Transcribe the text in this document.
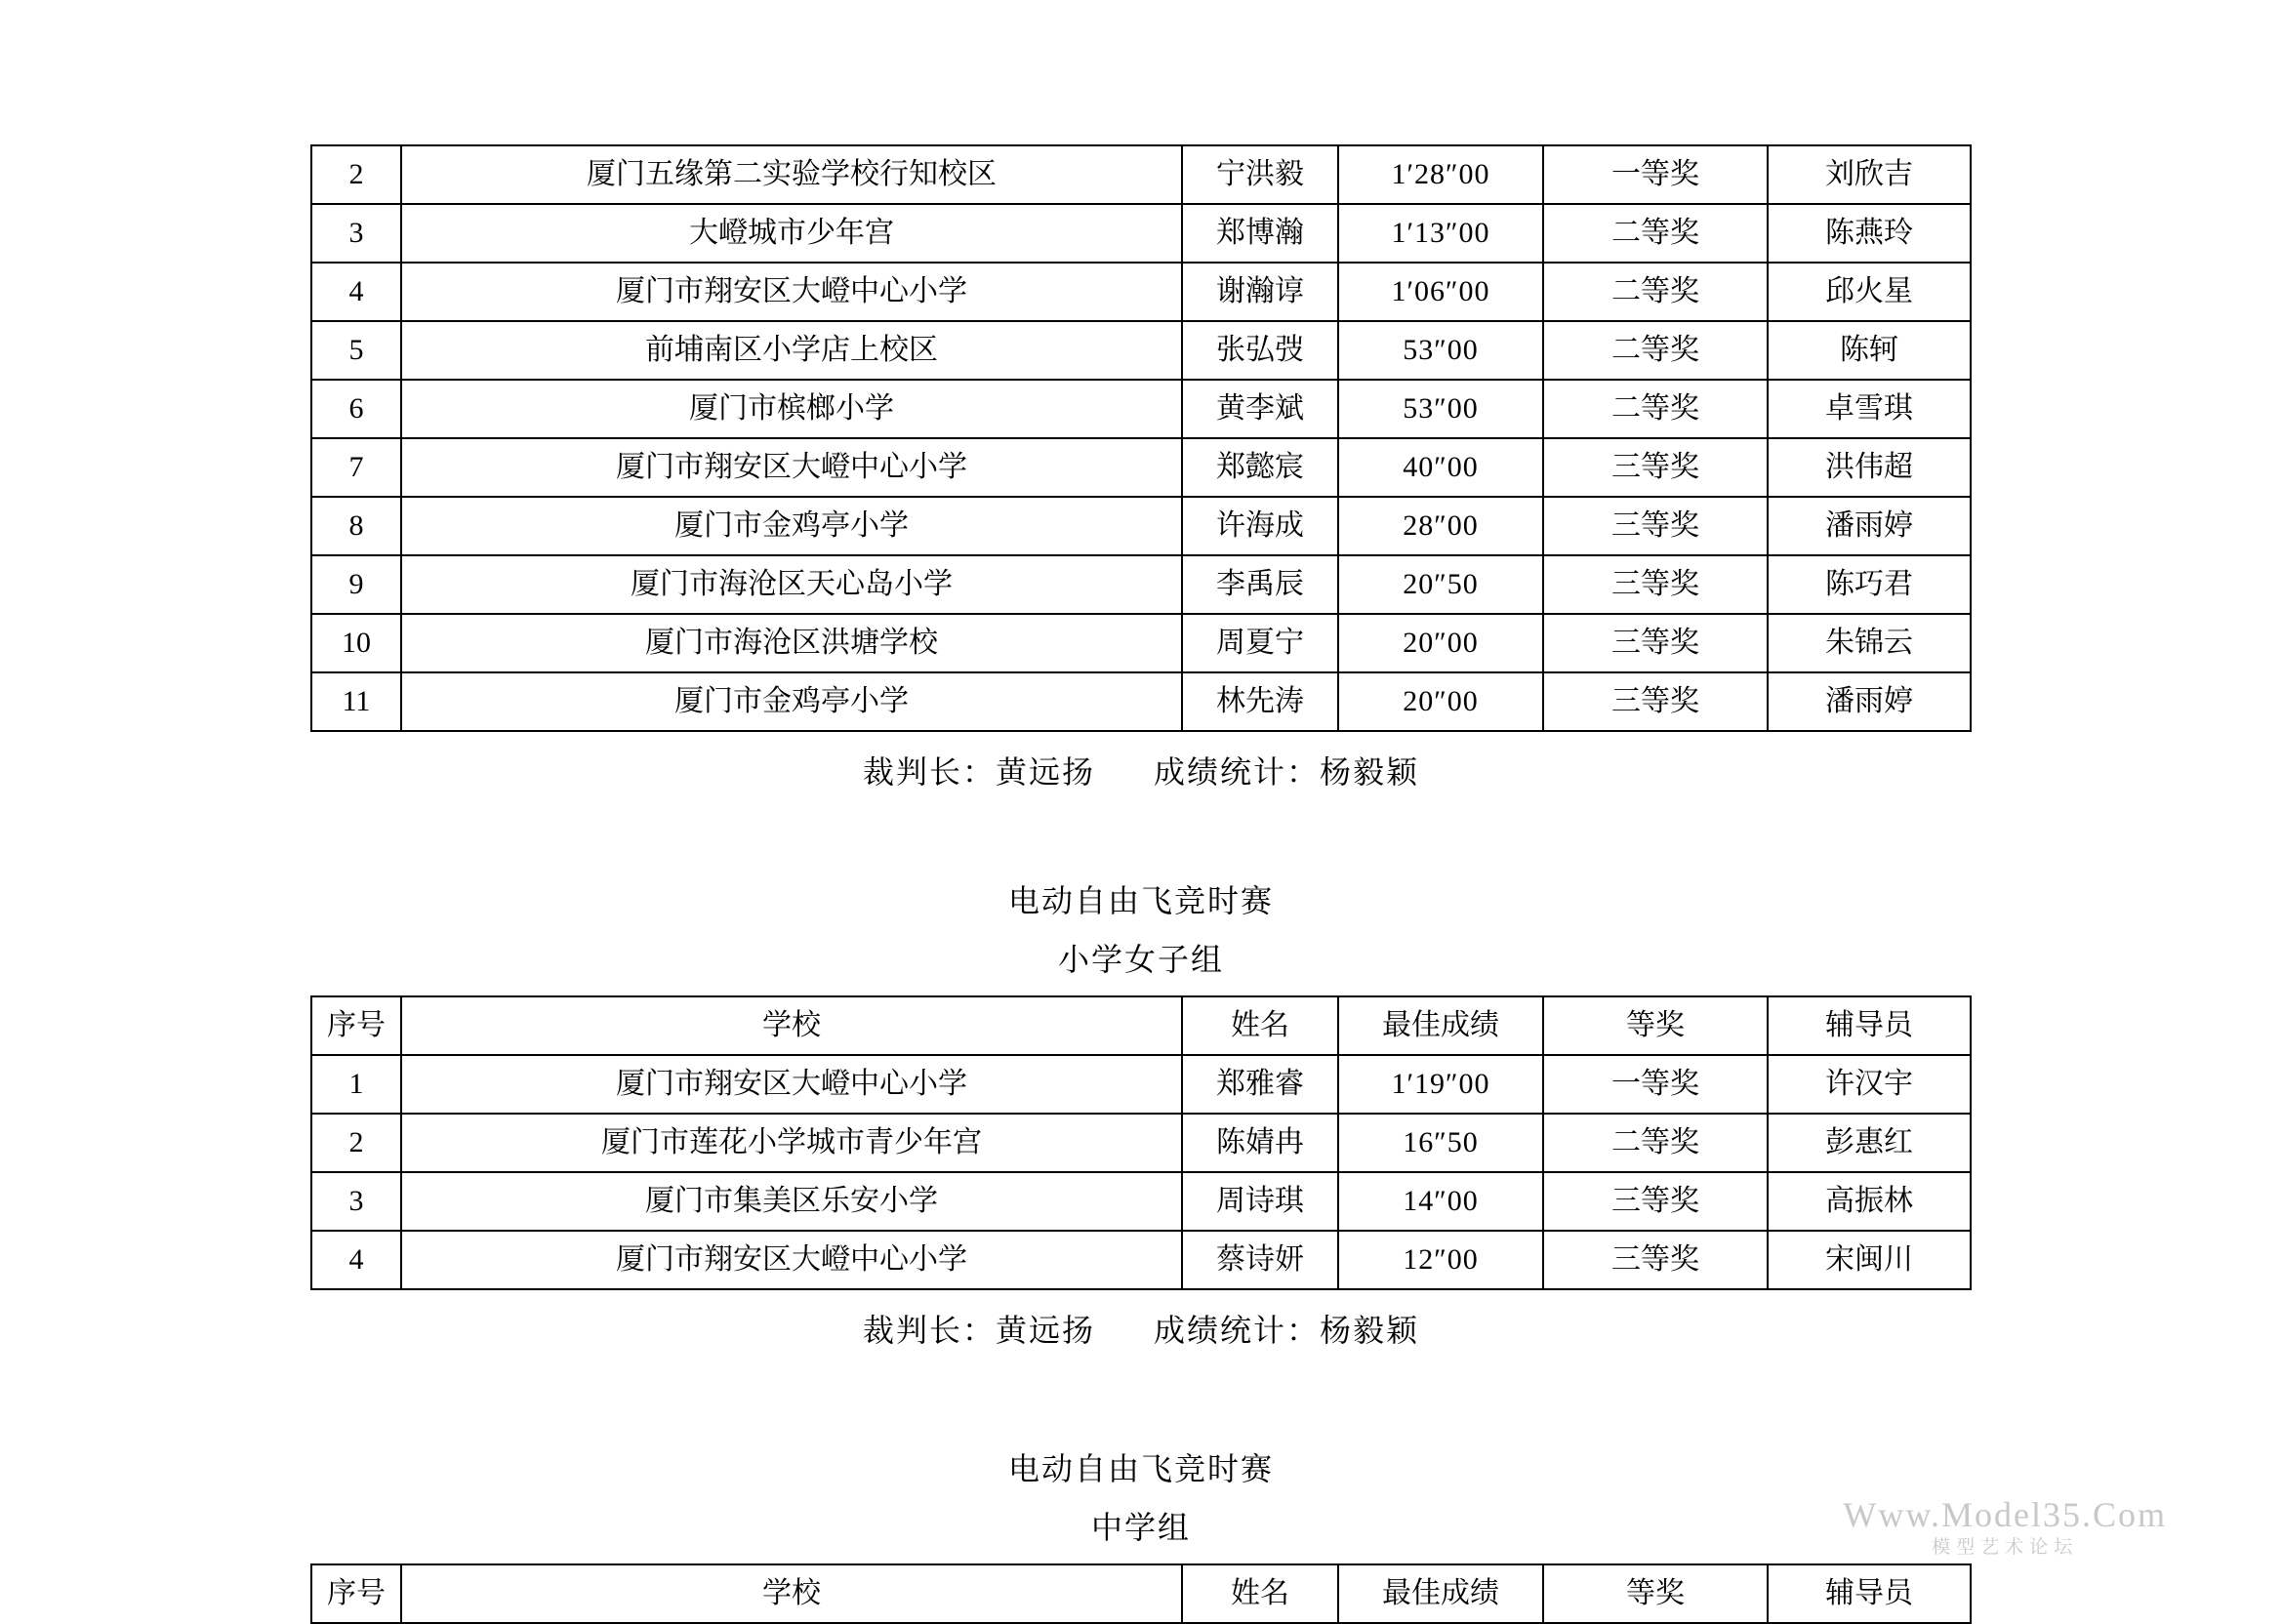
2	厦门五缘第二实验学校行知校区	宁洪毅	1′28″00	一等奖	刘欣吉
3	大嶝城市少年宫	郑博瀚	1′13″00	二等奖	陈燕玲
4	厦门市翔安区大嶝中心小学	谢瀚谆	1′06″00	二等奖	邱火星
5	前埔南区小学店上校区	张弘弢	53″00	二等奖	陈轲
6	厦门市槟榔小学	黄李斌	53″00	二等奖	卓雪琪
7	厦门市翔安区大嶝中心小学	郑懿宸	40″00	三等奖	洪伟超
8	厦门市金鸡亭小学	许海成	28″00	三等奖	潘雨婷
9	厦门市海沧区天心岛小学	李禹辰	20″50	三等奖	陈巧君
10	厦门市海沧区洪塘学校	周夏宁	20″00	三等奖	朱锦云
11	厦门市金鸡亭小学	林先涛	20″00	三等奖	潘雨婷
裁判长：黄远扬 成绩统计：杨毅颖
电动自由飞竞时赛
小学女子组
序号	学校	姓名	最佳成绩	等奖	辅导员
1	厦门市翔安区大嶝中心小学	郑雅睿	1′19″00	一等奖	许汉宇
2	厦门市莲花小学城市青少年宫	陈婧冉	16″50	二等奖	彭惠红
3	厦门市集美区乐安小学	周诗琪	14″00	三等奖	高振林
4	厦门市翔安区大嶝中心小学	蔡诗妍	12″00	三等奖	宋闽川
裁判长：黄远扬 成绩统计：杨毅颖
电动自由飞竞时赛
中学组
序号	学校	姓名	最佳成绩	等奖	辅导员
Www.Model35.Com
模型艺术论坛
